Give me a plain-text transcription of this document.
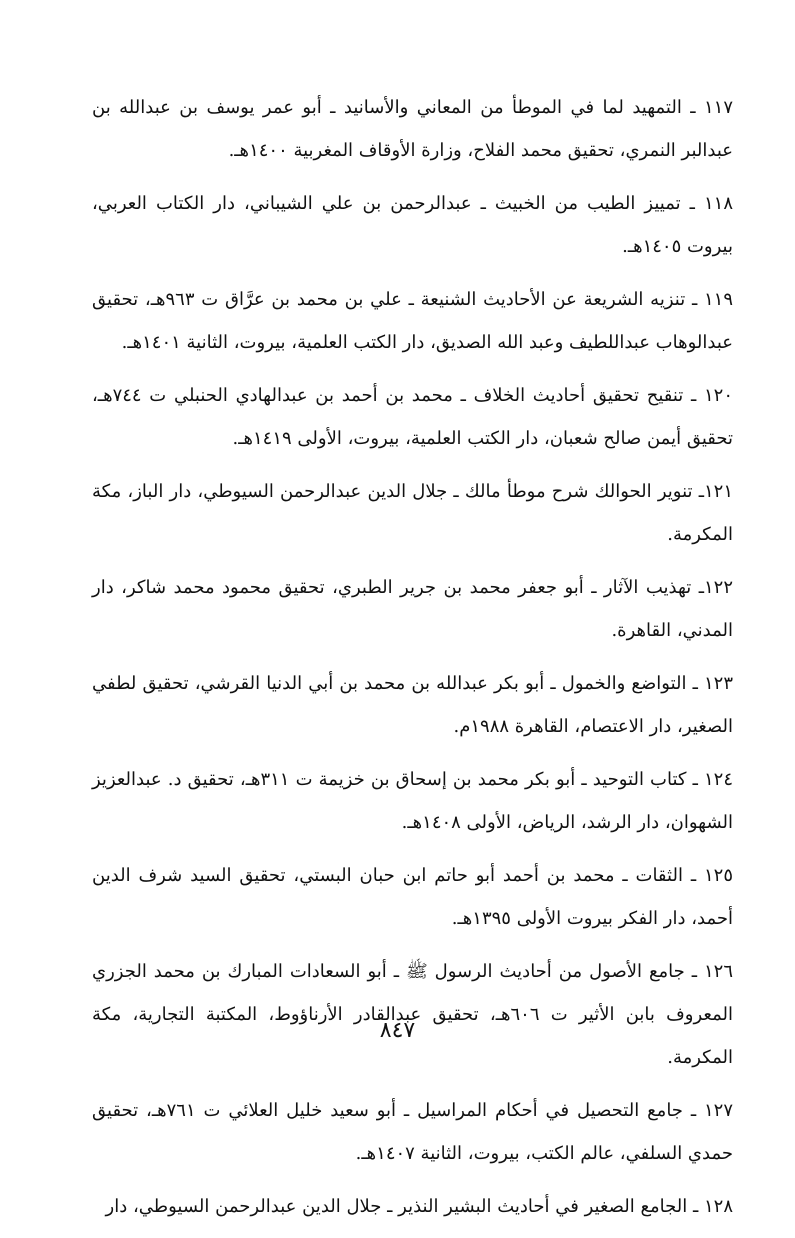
١١٧ ـ التمهيد لما في الموطأ من المعاني والأسانيد ـ أبو عمر يوسف بن عبدالله بن عبدالبر النمري، تحقيق محمد الفلاح، وزارة الأوقاف المغربية ١٤٠٠هـ.

١١٨ ـ تمييز الطيب من الخبيث ـ عبدالرحمن بن علي الشيباني، دار الكتاب العربي، بيروت ١٤٠٥هـ.

١١٩ ـ تنزيه الشريعة عن الأحاديث الشنيعة ـ علي بن محمد بن عرَّاق ت ٩٦٣هـ، تحقيق عبدالوهاب عبداللطيف وعبد الله الصديق، دار الكتب العلمية، بيروت، الثانية ١٤٠١هـ.

١٢٠ ـ تنقيح تحقيق أحاديث الخلاف ـ محمد بن أحمد بن عبدالهادي الحنبلي ت ٧٤٤هـ، تحقيق أيمن صالح شعبان، دار الكتب العلمية، بيروت، الأولى ١٤١٩هـ.

١٢١ـ تنوير الحوالك شرح موطأ مالك ـ جلال الدين عبدالرحمن السيوطي، دار الباز، مكة المكرمة.

١٢٢ـ تهذيب الآثار ـ أبو جعفر محمد بن جرير الطبري، تحقيق محمود محمد شاكر، دار المدني، القاهرة.

١٢٣ ـ التواضع والخمول ـ أبو بكر عبدالله بن محمد بن أبي الدنيا القرشي، تحقيق لطفي الصغير، دار الاعتصام، القاهرة ١٩٨٨م.

١٢٤ ـ كتاب التوحيد ـ أبو بكر محمد بن إسحاق بن خزيمة ت ٣١١هـ، تحقيق د. عبدالعزيز الشهوان، دار الرشد، الرياض، الأولى ١٤٠٨هـ.

١٢٥ ـ الثقات ـ محمد بن أحمد أبو حاتم ابن حبان البستي، تحقيق السيد شرف الدين أحمد، دار الفكر بيروت الأولى ١٣٩٥هـ.

١٢٦ ـ جامع الأصول من أحاديث الرسول ﷺ ـ أبو السعادات المبارك بن محمد الجزري المعروف بابن الأثير ت ٦٠٦هـ، تحقيق عبدالقادر الأرناؤوط، المكتبة التجارية، مكة المكرمة.

١٢٧ ـ جامع التحصيل في أحكام المراسيل ـ أبو سعيد خليل العلائي ت ٧٦١هـ، تحقيق حمدي السلفي، عالم الكتب، بيروت، الثانية ١٤٠٧هـ.

١٢٨ ـ الجامع الصغير في أحاديث البشير النذير ـ جلال الدين عبدالرحمن السيوطي، دار

٨٤٧
